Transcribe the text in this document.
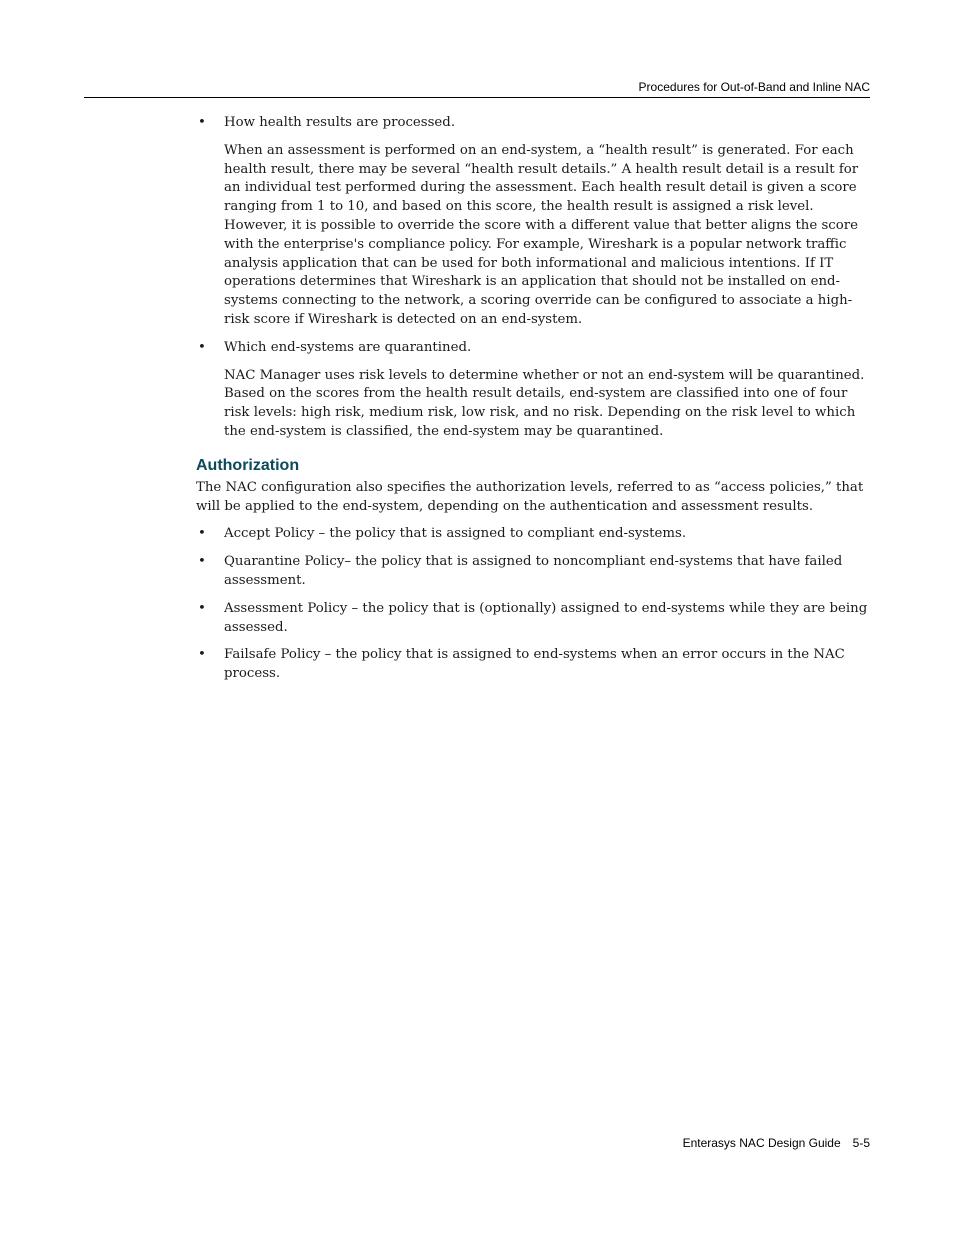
Procedures for Out-of-Band and Inline NAC
• How health results are processed.

When an assessment is performed on an end-system, a “health result” is generated. For each health result, there may be several “health result details.” A health result detail is a result for an individual test performed during the assessment. Each health result detail is given a score ranging from 1 to 10, and based on this score, the health result is assigned a risk level. However, it is possible to override the score with a different value that better aligns the score with the enterprise's compliance policy. For example, Wireshark is a popular network traffic analysis application that can be used for both informational and malicious intentions. If IT operations determines that Wireshark is an application that should not be installed on end-systems connecting to the network, a scoring override can be configured to associate a high-risk score if Wireshark is detected on an end-system.

• Which end-systems are quarantined.

NAC Manager uses risk levels to determine whether or not an end-system will be quarantined. Based on the scores from the health result details, end-system are classified into one of four risk levels: high risk, medium risk, low risk, and no risk. Depending on the risk level to which the end-system is classified, the end-system may be quarantined.

Authorization

The NAC configuration also specifies the authorization levels, referred to as “access policies,” that will be applied to the end-system, depending on the authentication and assessment results.

• Accept Policy – the policy that is assigned to compliant end-systems.
• Quarantine Policy– the policy that is assigned to noncompliant end-systems that have failed assessment.
• Assessment Policy – the policy that is (optionally) assigned to end-systems while they are being assessed.
• Failsafe Policy – the policy that is assigned to end-systems when an error occurs in the NAC process.
Enterasys NAC Design Guide 5-5
